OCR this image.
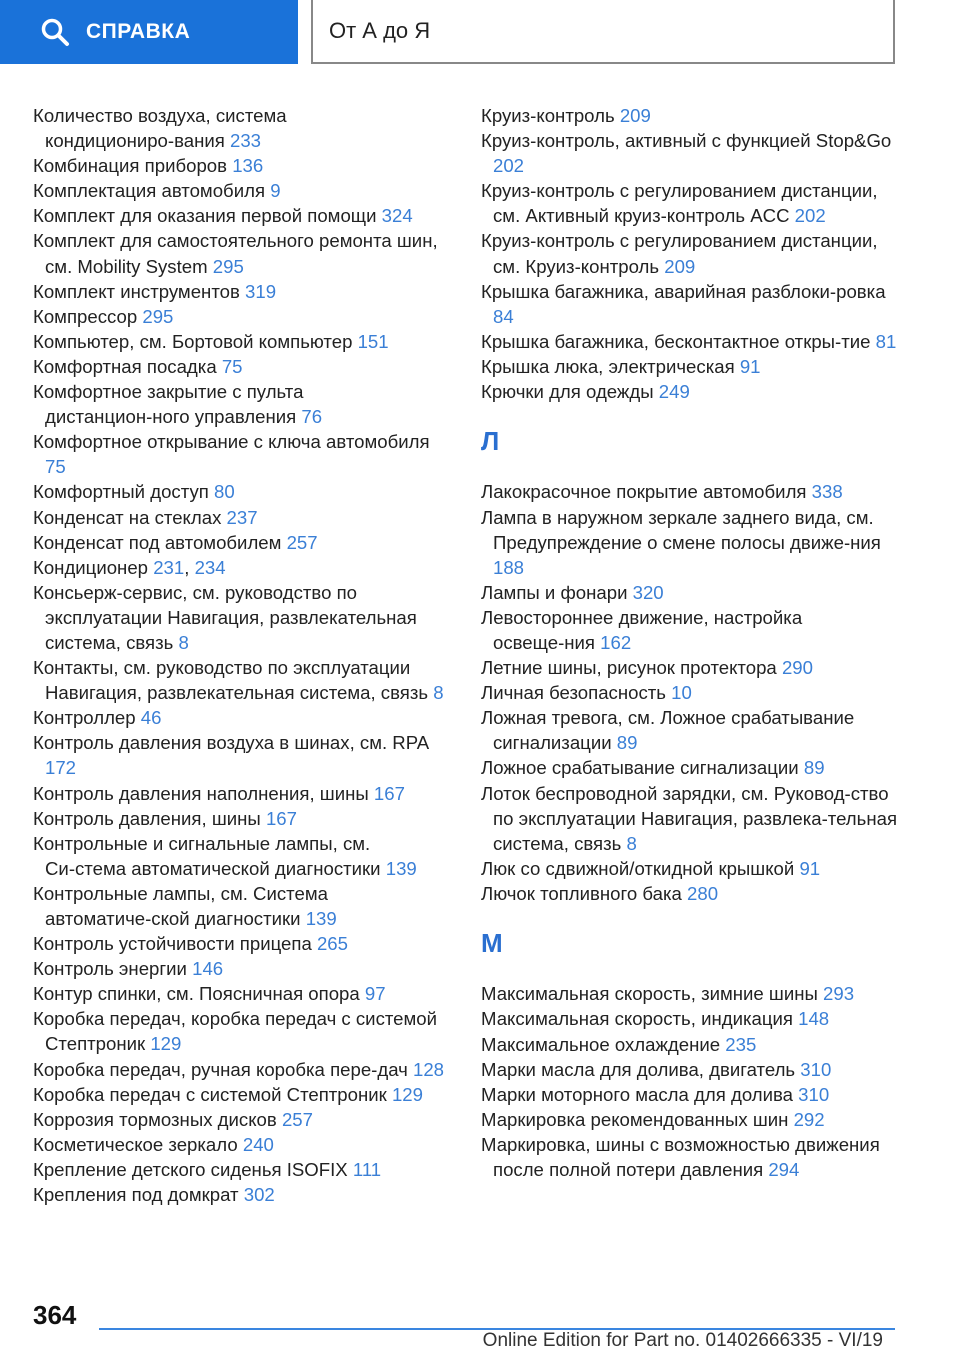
СПРАВКА	От А до Я
Количество воздуха, система кондициониро‑вания 233
Комбинация приборов 136
Комплектация автомобиля 9
Комплект для оказания первой помощи 324
Комплект для самостоятельного ремонта шин, см. Mobility System 295
Комплект инструментов 319
Компрессор 295
Компьютер, см. Бортовой компьютер 151
Комфортная посадка 75
Комфортное закрытие с пульта дистанцион‑ного управления 76
Комфортное открывание с ключа автомобиля 75
Комфортный доступ 80
Конденсат на стеклах 237
Конденсат под автомобилем 257
Кондиционер 231, 234
Консьерж-сервис, см. руководство по эксплуатации Навигация, развлекательная система, связь 8
Контакты, см. руководство по эксплуатации Навигация, развлекательная система, связь 8
Контроллер 46
Контроль давления воздуха в шинах, см. RPA 172
Контроль давления наполнения, шины 167
Контроль давления, шины 167
Контрольные и сигнальные лампы, см. Си‑стема автоматической диагностики 139
Контрольные лампы, см. Система автоматиче‑ской диагностики 139
Контроль устойчивости прицепа 265
Контроль энергии 146
Контур спинки, см. Поясничная опора 97
Коробка передач, коробка передач с системой Стептроник 129
Коробка передач, ручная коробка пере‑дач 128
Коробка передач с системой Стептроник 129
Коррозия тормозных дисков 257
Косметическое зеркало 240
Крепление детского сиденья ISOFIX 111
Крепления под домкрат 302
Круиз-контроль 209
Круиз-контроль, активный с функцией Stop&Go 202
Круиз-контроль с регулированием дистанции, см. Активный круиз-контроль ACC 202
Круиз-контроль с регулированием дистанции, см. Круиз-контроль 209
Крышка багажника, аварийная разблоки‑ровка 84
Крышка багажника, бесконтактное откры‑тие 81
Крышка люка, электрическая 91
Крючки для одежды 249
Л
Лакокрасочное покрытие автомобиля 338
Лампа в наружном зеркале заднего вида, см. Предупреждение о смене полосы движе‑ния 188
Лампы и фонари 320
Левостороннее движение, настройка освеще‑ния 162
Летние шины, рисунок протектора 290
Личная безопасность 10
Ложная тревога, см. Ложное срабатывание сигнализации 89
Ложное срабатывание сигнализации 89
Лоток беспроводной зарядки, см. Руковод‑ство по эксплуатации Навигация, развлека‑тельная система, связь 8
Люк со сдвижной/откидной крышкой 91
Лючок топливного бака 280
М
Максимальная скорость, зимние шины 293
Максимальная скорость, индикация 148
Максимальное охлаждение 235
Марки масла для долива, двигатель 310
Марки моторного масла для долива 310
Маркировка рекомендованных шин 292
Маркировка, шины с возможностью движения после полной потери давления 294
364
Online Edition for Part no. 01402666335 - VI/19
